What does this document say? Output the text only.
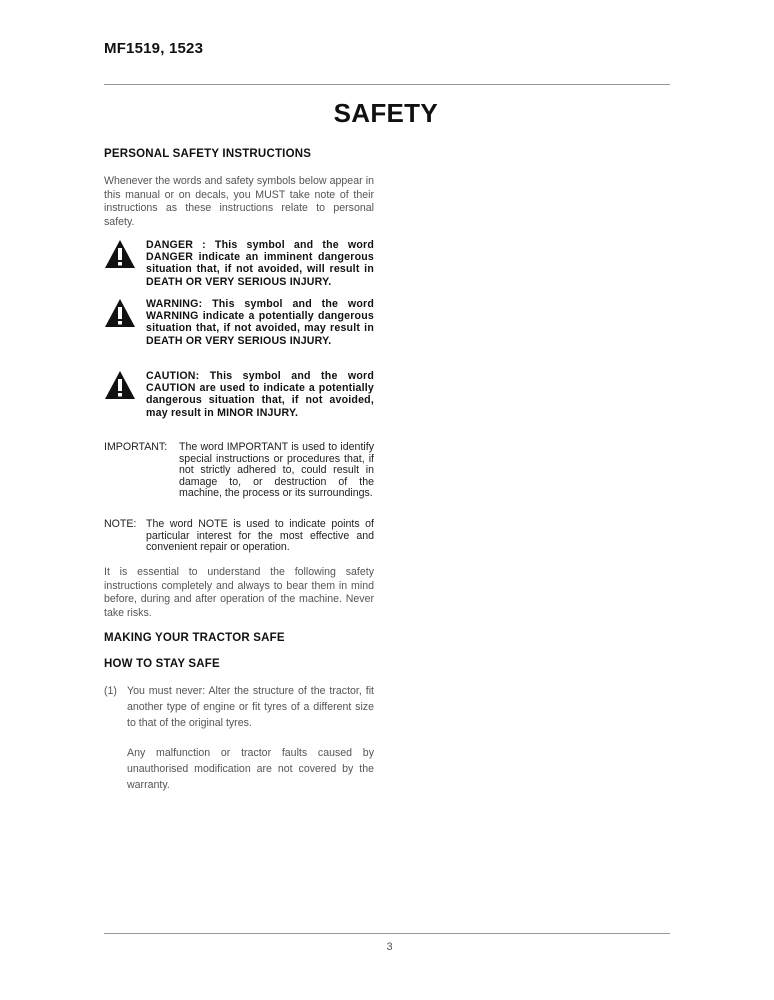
MF1519, 1523
SAFETY
PERSONAL SAFETY INSTRUCTIONS
Whenever the words and safety symbols below appear in this manual or on decals, you MUST take note of their instructions as these instructions relate to personal safety.
DANGER : This symbol and the word DANGER indicate an imminent dangerous situation that, if not avoided, will result in DEATH OR VERY SERIOUS INJURY.
WARNING: This symbol and the word WARNING indicate a potentially dangerous situation that, if not avoided, may result in DEATH OR VERY SERIOUS INJURY.
CAUTION: This symbol and the word CAUTION are used to indicate a potentially dangerous situation that, if not avoided, may result in MINOR INJURY.
IMPORTANT: The word IMPORTANT is used to identify special instructions or procedures that, if not strictly adhered to, could result in damage to, or destruction of the machine, the process or its surroundings.
NOTE: The word NOTE is used to indicate points of particular interest for the most effective and convenient repair or operation.
It is essential to understand the following safety instructions completely and always to bear them in mind before, during and after operation of the machine. Never take risks.
MAKING YOUR TRACTOR SAFE
HOW TO STAY SAFE
(1) You must never: Alter the structure of the tractor, fit another type of engine or fit tyres of a different size to that of the original tyres.
Any malfunction or tractor faults caused by unauthorised modification are not covered by the warranty.
3
